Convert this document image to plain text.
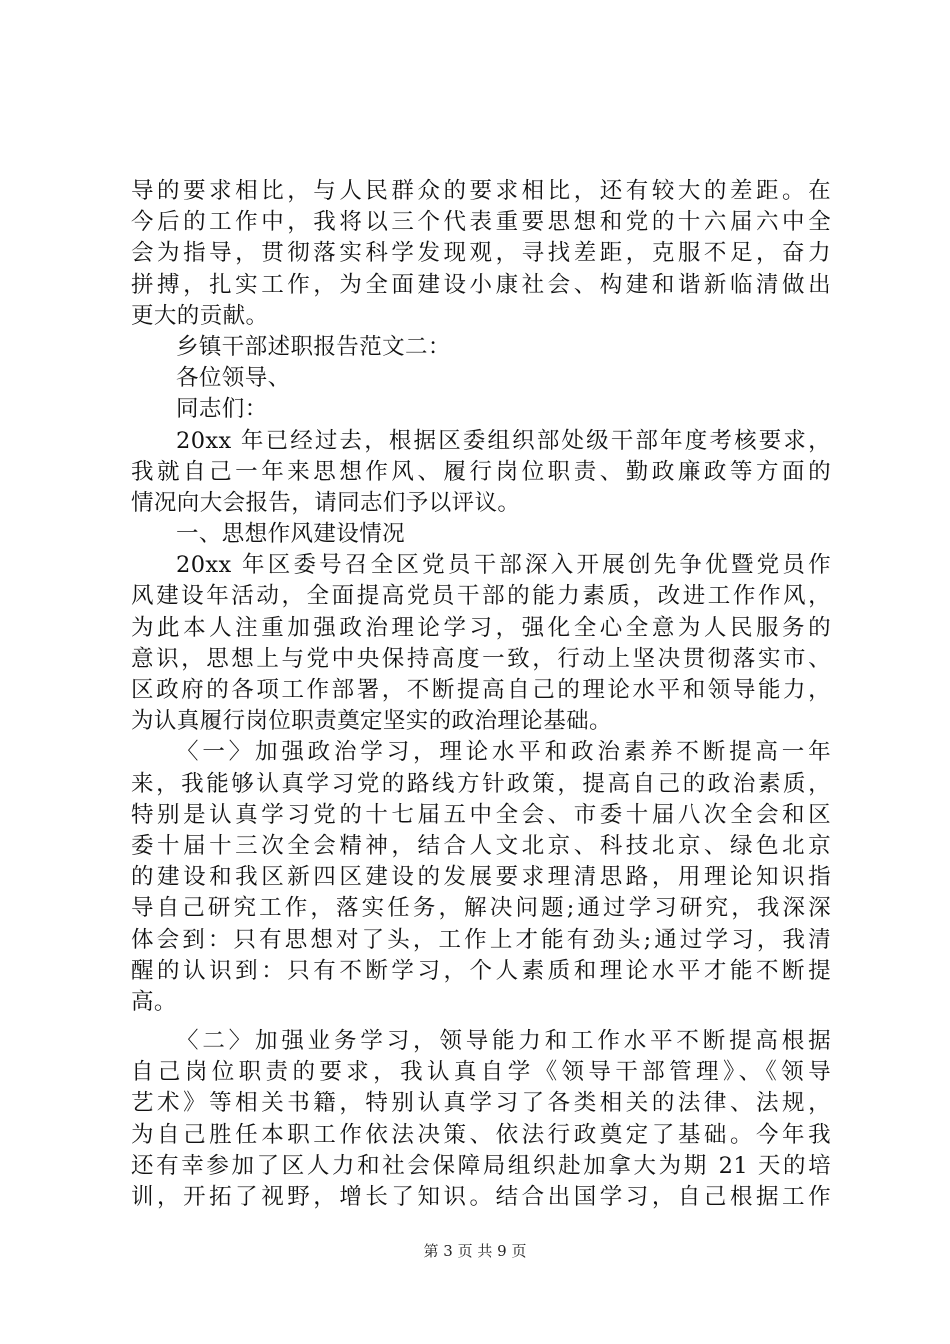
导的要求相比，与人民群众的要求相比，还有较大的差距。在
今后的工作中，我将以三个代表重要思想和党的十六届六中全
会为指导，贯彻落实科学发现观，寻找差距，克服不足，奋力
拼搏，扎实工作，为全面建设小康社会、构建和谐新临清做出
更大的贡献。
乡镇干部述职报告范文二：
各位领导、
同志们：
20xx 年已经过去，根据区委组织部处级干部年度考核要求，
我就自己一年来思想作风、履行岗位职责、勤政廉政等方面的
情况向大会报告，请同志们予以评议。
一、思想作风建设情况
20xx 年区委号召全区党员干部深入开展创先争优暨党员作
风建设年活动，全面提高党员干部的能力素质，改进工作作风，
为此本人注重加强政治理论学习，强化全心全意为人民服务的
意识，思想上与党中央保持高度一致，行动上坚决贯彻落实市、
区政府的各项工作部署，不断提高自己的理论水平和领导能力，
为认真履行岗位职责奠定坚实的政治理论基础。
〈一〉加强政治学习，理论水平和政治素养不断提高一年
来，我能够认真学习党的路线方针政策，提高自己的政治素质，
特别是认真学习党的十七届五中全会、市委十届八次全会和区
委十届十三次全会精神，结合人文北京、科技北京、绿色北京
的建设和我区新四区建设的发展要求理清思路，用理论知识指
导自己研究工作，落实任务，解决问题;通过学习研究，我深深
体会到：只有思想对了头，工作上才能有劲头;通过学习，我清
醒的认识到：只有不断学习，个人素质和理论水平才能不断提
高。
〈二〉加强业务学习，领导能力和工作水平不断提高根据
自己岗位职责的要求，我认真自学《领导干部管理》、《领导
艺术》等相关书籍，特别认真学习了各类相关的法律、法规，
为自己胜任本职工作依法决策、依法行政奠定了基础。今年我
还有幸参加了区人力和社会保障局组织赴加拿大为期 21 天的培
训，开拓了视野，增长了知识。结合出国学习，自己根据工作
第 3 页 共 9 页
